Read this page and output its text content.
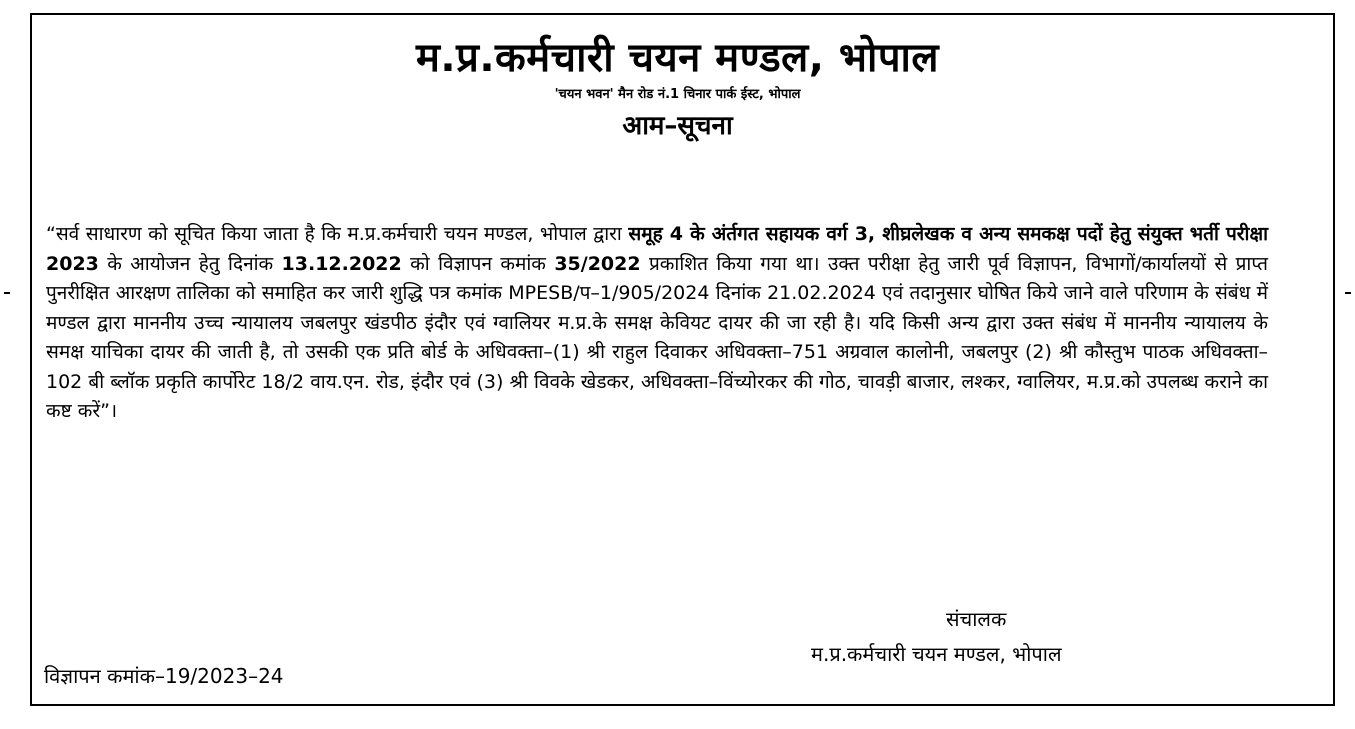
म.प्र.कर्मचारी चयन मण्डल, भोपाल
'चयन भवन' मैन रोड नं.1 चिनार पार्क ईस्ट, भोपाल
आम–सूचना
“सर्व साधारण को सूचित किया जाता है कि म.प्र.कर्मचारी चयन मण्डल, भोपाल द्वारा समूह 4 के अंर्तगत सहायक वर्ग 3, शीघ्रलेखक व अन्य समकक्ष पदों हेतु संयुक्त भर्ती परीक्षा 2023 के आयोजन हेतु दिनांक 13.12.2022 को विज्ञापन कमांक 35/2022 प्रकाशित किया गया था। उक्त परीक्षा हेतु जारी पूर्व विज्ञापन, विभागों/कार्यालयों से प्राप्त पुनरीक्षित आरक्षण तालिका को समाहित कर जारी शुद्धि पत्र कमांक MPESB/प–1/905/2024 दिनांक 21.02.2024 एवं तदानुसार घोषित किये जाने वाले परिणाम के संबंध में मण्डल द्वारा माननीय उच्च न्यायालय जबलपुर खंडपीठ इंदौर एवं ग्वालियर म.प्र.के समक्ष केवियट दायर की जा रही है। यदि किसी अन्य द्वारा उक्त संबंध में माननीय न्यायालय के समक्ष याचिका दायर की जाती है, तो उसकी एक प्रति बोर्ड के अधिवक्ता–(1) श्री राहुल दिवाकर अधिवक्ता–751 अग्रवाल कालोनी, जबलपुर (2) श्री कौस्तुभ पाठक अधिवक्ता–102 बी ब्लॉक प्रकृति कार्पोरेट 18/2 वाय.एन. रोड, इंदौर एवं (3) श्री विवके खेडकर, अधिवक्ता–विंच्योरकर की गोठ, चावड़ी बाजार, लश्कर, ग्वालियर, म.प्र.को उपलब्ध कराने का कष्ट करें”।
संचालक
म.प्र.कर्मचारी चयन मण्डल, भोपाल
विज्ञापन कमांक–19/2023–24
